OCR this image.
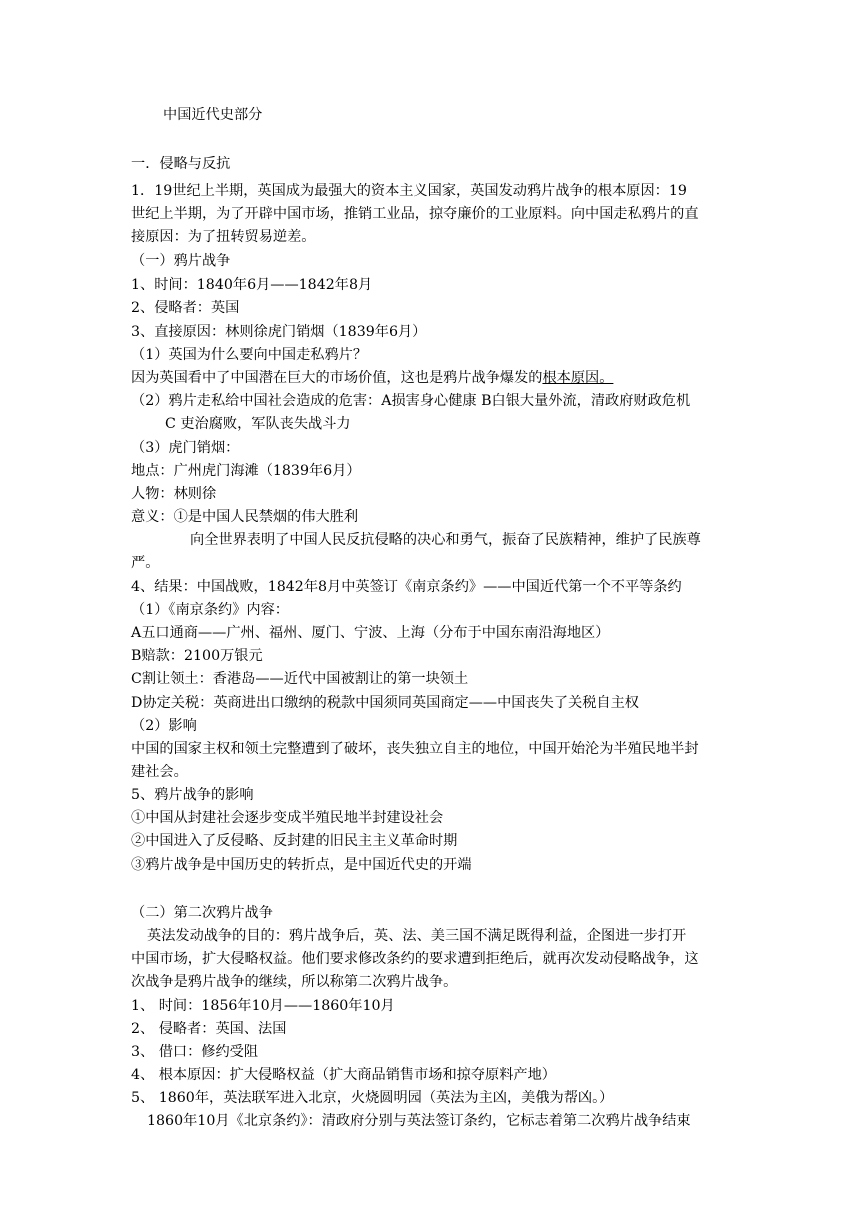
中国近代史部分
一．侵略与反抗
1．19世纪上半期，英国成为最强大的资本主义国家，英国发动鸦片战争的根本原因：19
世纪上半期，为了开辟中国市场，推销工业品，掠夺廉价的工业原料。向中国走私鸦片的直
接原因：为了扭转贸易逆差。
（一）鸦片战争
1、时间：1840年6月——1842年8月
2、侵略者：英国
3、直接原因：林则徐虎门销烟（1839年6月）
（1）英国为什么要向中国走私鸦片？
因为英国看中了中国潜在巨大的市场价值，这也是鸦片战争爆发的根本原因。
（2）鸦片走私给中国社会造成的危害：A损害身心健康 B白银大量外流，清政府财政危机
C 吏治腐败，军队丧失战斗力
（3）虎门销烟：
地点：广州虎门海滩（1839年6月）
人物：林则徐
意义：①是中国人民禁烟的伟大胜利
向全世界表明了中国人民反抗侵略的决心和勇气，振奋了民族精神，维护了民族尊
严。
4、结果：中国战败，1842年8月中英签订《南京条约》——中国近代第一个不平等条约
（1）《南京条约》内容：
A五口通商——广州、福州、厦门、宁波、上海（分布于中国东南沿海地区）
B赔款：2100万银元
C割让领土：香港岛——近代中国被割让的第一块领土
D协定关税：英商进出口缴纳的税款中国须同英国商定——中国丧失了关税自主权
（2）影响
中国的国家主权和领土完整遭到了破坏，丧失独立自主的地位，中国开始沦为半殖民地半封
建社会。
5、鸦片战争的影响
①中国从封建社会逐步变成半殖民地半封建设社会
②中国进入了反侵略、反封建的旧民主主义革命时期
③鸦片战争是中国历史的转折点，是中国近代史的开端
（二）第二次鸦片战争
英法发动战争的目的：鸦片战争后，英、法、美三国不满足既得利益，企图进一步打开
中国市场，扩大侵略权益。他们要求修改条约的要求遭到拒绝后，就再次发动侵略战争，这
次战争是鸦片战争的继续，所以称第二次鸦片战争。
1、 时间：1856年10月——1860年10月
2、 侵略者：英国、法国
3、 借口：修约受阻
4、 根本原因：扩大侵略权益（扩大商品销售市场和掠夺原料产地）
5、 1860年，英法联军进入北京，火烧圆明园（英法为主凶，美俄为帮凶。）
1860年10月《北京条约》：清政府分别与英法签订条约，它标志着第二次鸦片战争结束
